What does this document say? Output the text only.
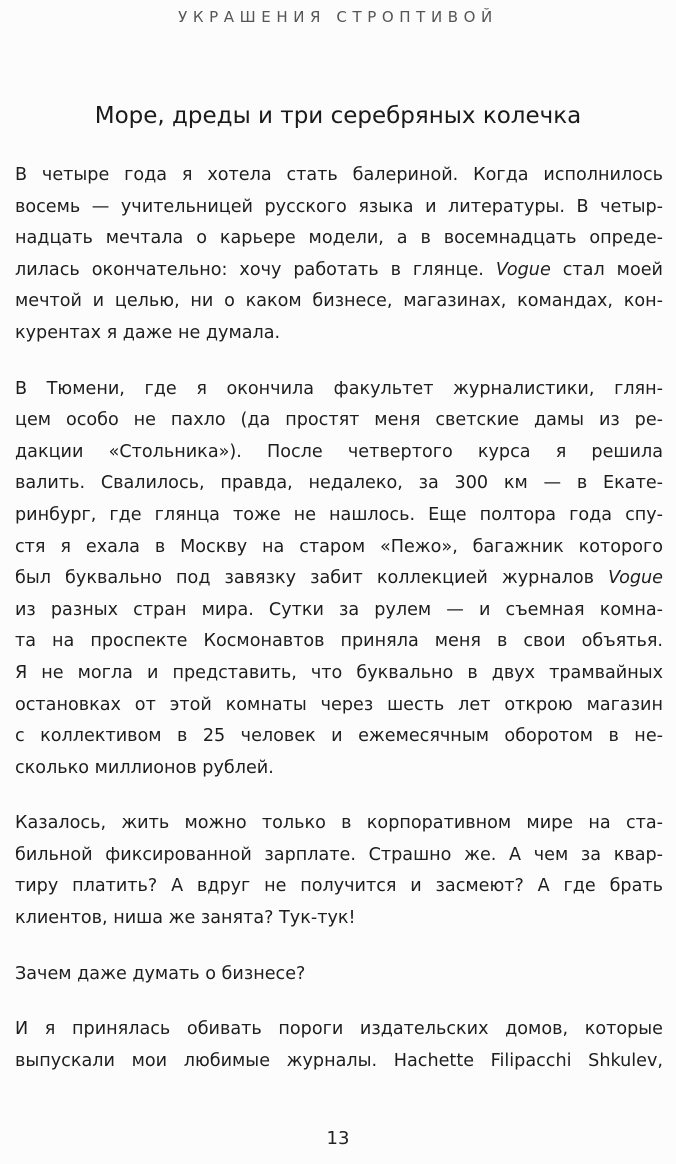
УКРАШЕНИЯ СТРОПТИВОЙ
Море, дреды и три серебряных колечка
В четыре года я хотела стать балериной. Когда исполнилось
восемь — учительницей русского языка и литературы. В четыр-
надцать мечтала о карьере модели, а в восемнадцать опреде-
лилась окончательно: хочу работать в глянце. Vogue стал моей
мечтой и целью, ни о каком бизнесе, магазинах, командах, кон-
курентах я даже не думала.
В Тюмени, где я окончила факультет журналистики, глян-
цем особо не пахло (да простят меня светские дамы из ре-
дакции «Стольника»). После четвертого курса я решила
валить. Свалилось, правда, недалеко, за 300 км — в Екате-
ринбург, где глянца тоже не нашлось. Еще полтора года спу-
стя я ехала в Москву на старом «Пежо», багажник которого
был буквально под завязку забит коллекцией журналов Vogue
из разных стран мира. Сутки за рулем — и съемная комна-
та на проспекте Космонавтов приняла меня в свои объятья.
Я не могла и представить, что буквально в двух трамвайных
остановках от этой комнаты через шесть лет открою магазин
с коллективом в 25 человек и ежемесячным оборотом в не-
сколько миллионов рублей.
Казалось, жить можно только в корпоративном мире на ста-
бильной фиксированной зарплате. Страшно же. А чем за квар-
тиру платить? А вдруг не получится и засмеют? А где брать
клиентов, ниша же занята? Тук-тук!
Зачем даже думать о бизнесе?
И я принялась обивать пороги издательских домов, которые
выпускали мои любимые журналы. Hachette Filipacchi Shkulev,
13
